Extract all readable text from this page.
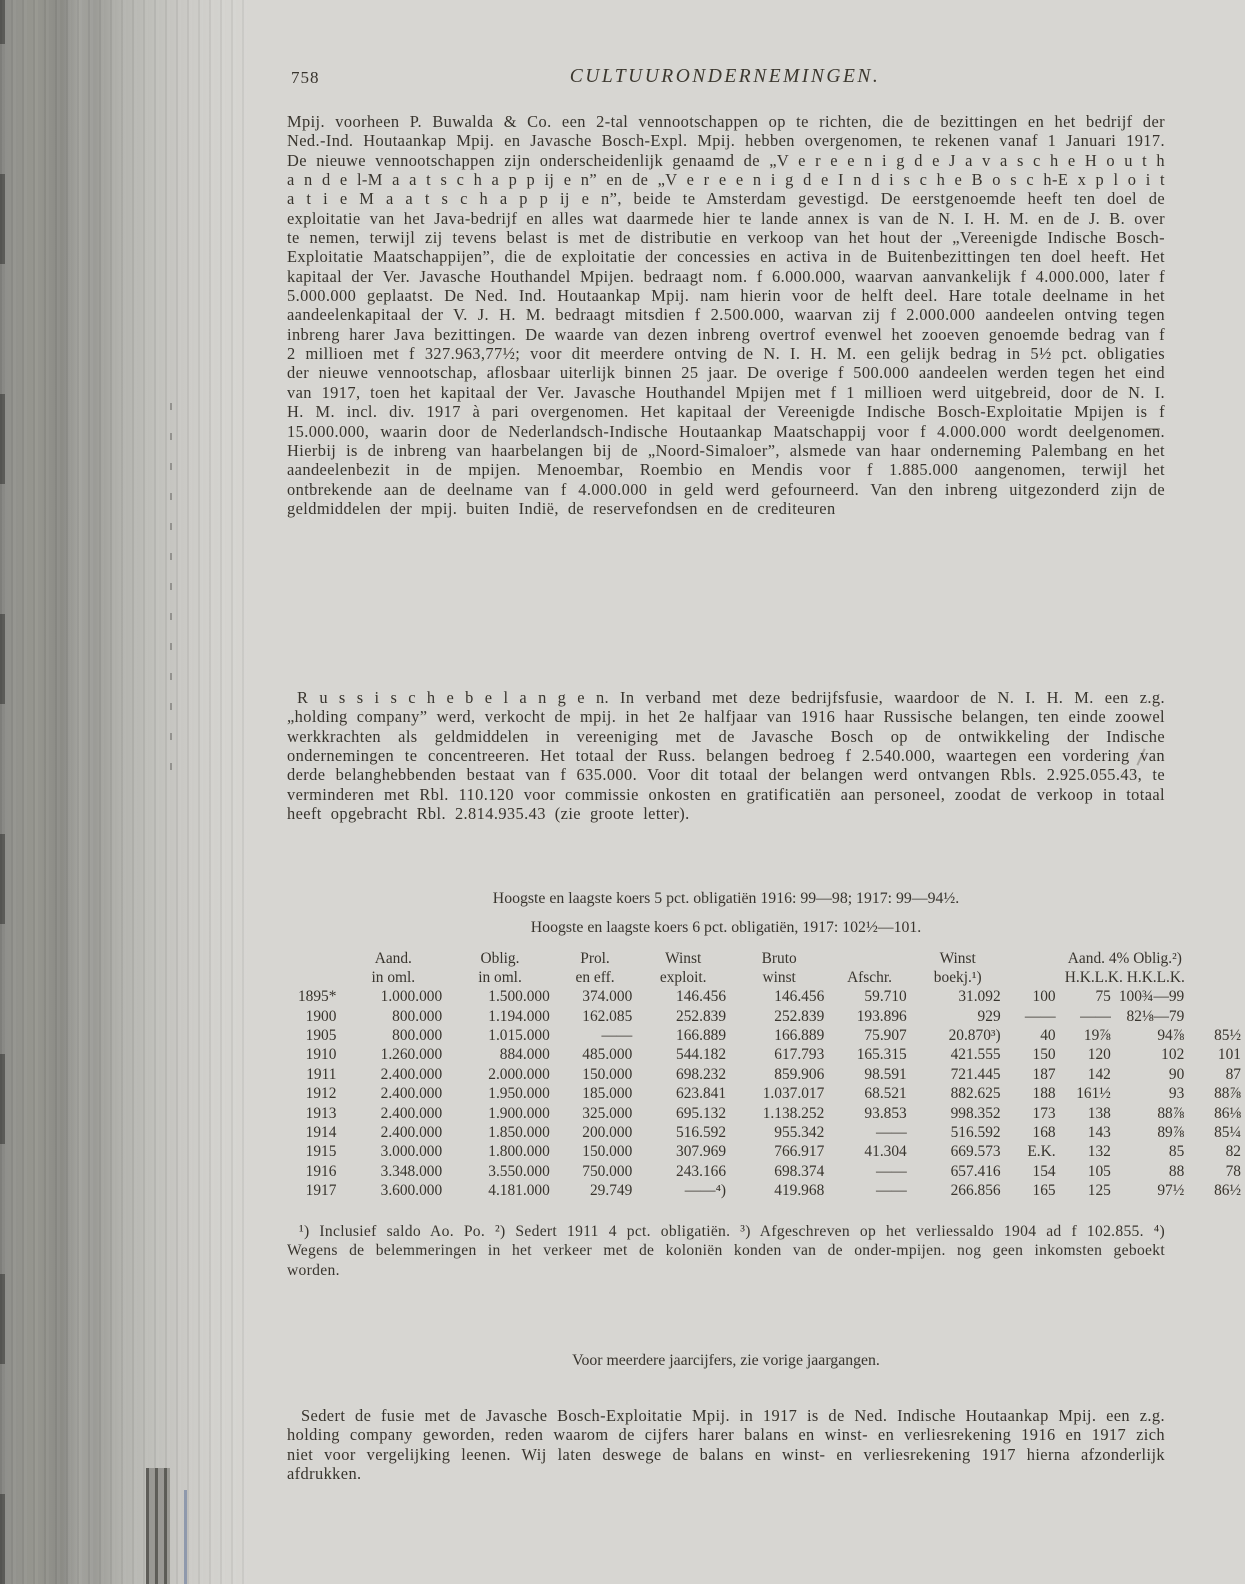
758	CULTUURONDERNEMINGEN.
Mpij. voorheen P. Buwalda & Co. een 2-tal vennootschappen op te richten, die de bezittingen en het bedrijf der Ned.-Ind. Houtaankap Mpij. en Javasche Bosch-Expl. Mpij. hebben overgenomen, te rekenen vanaf 1 Januari 1917. De nieuwe vennootschappen zijn onderscheidenlijk genaamd de „V e r e e n i g d e J a v a s c h e H o u t h a n d e l-M a a t s c h a p p ij e n” en de „V e r e e n i g d e I n d i s c h e B o s c h-E x p l o i t a t i e M a a t s c h a p p ij e n”, beide te Amsterdam gevestigd. De eerstgenoemde heeft ten doel de exploitatie van het Java-bedrijf en alles wat daarmede hier te lande annex is van de N. I. H. M. en de J. B. over te nemen, terwijl zij tevens belast is met de distributie en verkoop van het hout der „Vereenigde Indische Bosch-Exploitatie Maatschappijen”, die de exploitatie der concessies en activa in de Buitenbezittingen ten doel heeft. Het kapitaal der Ver. Javasche Houthandel Mpijen. bedraagt nom. f 6.000.000, waarvan aanvankelijk f 4.000.000, later f 5.000.000 geplaatst. De Ned. Ind. Houtaankap Mpij. nam hierin voor de helft deel. Hare totale deelname in het aandeelenkapitaal der V. J. H. M. bedraagt mitsdien f 2.500.000, waarvan zij f 2.000.000 aandeelen ontving tegen inbreng harer Java bezittingen. De waarde van dezen inbreng overtrof evenwel het zooeven genoemde bedrag van f 2 millioen met f 327.963,77½; voor dit meerdere ontving de N. I. H. M. een gelijk bedrag in 5½ pct. obligaties der nieuwe vennootschap, aflosbaar uiterlijk binnen 25 jaar. De overige f 500.000 aandeelen werden tegen het eind van 1917, toen het kapitaal der Ver. Javasche Houthandel Mpijen met f 1 millioen werd uitgebreid, door de N. I. H. M. incl. div. 1917 à pari overgenomen. Het kapitaal der Vereenigde Indische Bosch-Exploitatie Mpijen is f 15.000.000, waarin door de Nederlandsch-Indische Houtaankap Maatschappij voor f 4.000.000 wordt deelgenomen. Hierbij is de inbreng van haarbelangen bij de „Noord-Simaloer”, alsmede van haar onderneming Palembang en het aandeelenbezit in de mpijen. Menoembar, Roembio en Mendis voor f 1.885.000 aangenomen, terwijl het ontbrekende aan de deelname van f 4.000.000 in geld werd gefourneerd. Van den inbreng uitgezonderd zijn de geldmiddelen der mpij. buiten Indië, de reservefondsen en de crediteuren
R u s s i s c h e b e l a n g e n. In verband met deze bedrijfsfusie, waardoor de N. I. H. M. een z.g. „holding company” werd, verkocht de mpij. in het 2e halfjaar van 1916 haar Russische belangen, ten einde zoowel werkkrachten als geldmiddelen in vereeniging met de Javasche Bosch op de ontwikkeling der Indische ondernemingen te concentreeren. Het totaal der Russ. belangen bedroeg f 2.540.000, waartegen een vordering van derde belanghebbenden bestaat van f 635.000. Voor dit totaal der belangen werd ontvangen Rbls. 2.925.055.43, te verminderen met Rbl. 110.120 voor commissie onkosten en gratificatiën aan personeel, zoodat de verkoop in totaal heeft opgebracht Rbl. 2.814.935.43 (zie groote letter).
Hoogste en laagste koers 5 pct. obligatiën 1916: 99—98; 1917: 99—94½.
Hoogste en laagste koers 6 pct. obligatiën, 1917: 102½—101.
	Aand.	Oblig.	Prol.	Winst	Bruto		Winst	Aand. 4% Oblig.²)			
	in oml.	in oml.	en eff.	exploit.	winst	Afschr.	boekj.¹)	H.K.L.K. H.K.L.K.			
1895*	1.000.000	1.500.000	374.000	146.456	146.456	59.710	31.092	100	75	100¾—99	
1900	800.000	1.194.000	162.085	252.839	252.839	193.896	929	——	——	82⅛—79	
1905	800.000	1.015.000	——	166.889	166.889	75.907	20.870³)	40	19⅞	94⅞	85½
1910	1.260.000	884.000	485.000	544.182	617.793	165.315	421.555	150	120	102	101
1911	2.400.000	2.000.000	150.000	698.232	859.906	98.591	721.445	187	142	90	87
1912	2.400.000	1.950.000	185.000	623.841	1.037.017	68.521	882.625	188	161½	93	88⅞
1913	2.400.000	1.900.000	325.000	695.132	1.138.252	93.853	998.352	173	138	88⅞	86⅛
1914	2.400.000	1.850.000	200.000	516.592	955.342	——	516.592	168	143	89⅞	85¼
1915	3.000.000	1.800.000	150.000	307.969	766.917	41.304	669.573	E.K.	132	85	82
1916	3.348.000	3.550.000	750.000	243.166	698.374	——	657.416	154	105	88	78
1917	3.600.000	4.181.000	29.749	——⁴)	419.968	——	266.856	165	125	97½	86½
¹) Inclusief saldo Ao. Po. ²) Sedert 1911 4 pct. obligatiën. ³) Afgeschreven op het verliessaldo 1904 ad f 102.855. ⁴) Wegens de belemmeringen in het verkeer met de koloniën konden van de onder-mpijen. nog geen inkomsten geboekt worden.
Voor meerdere jaarcijfers, zie vorige jaargangen.
Sedert de fusie met de Javasche Bosch-Exploitatie Mpij. in 1917 is de Ned. Indische Houtaankap Mpij. een z.g. holding company geworden, reden waarom de cijfers harer balans en winst- en verliesrekening 1916 en 1917 zich niet voor vergelijking leenen. Wij laten deswege de balans en winst- en verliesrekening 1917 hierna afzonderlijk afdrukken.
